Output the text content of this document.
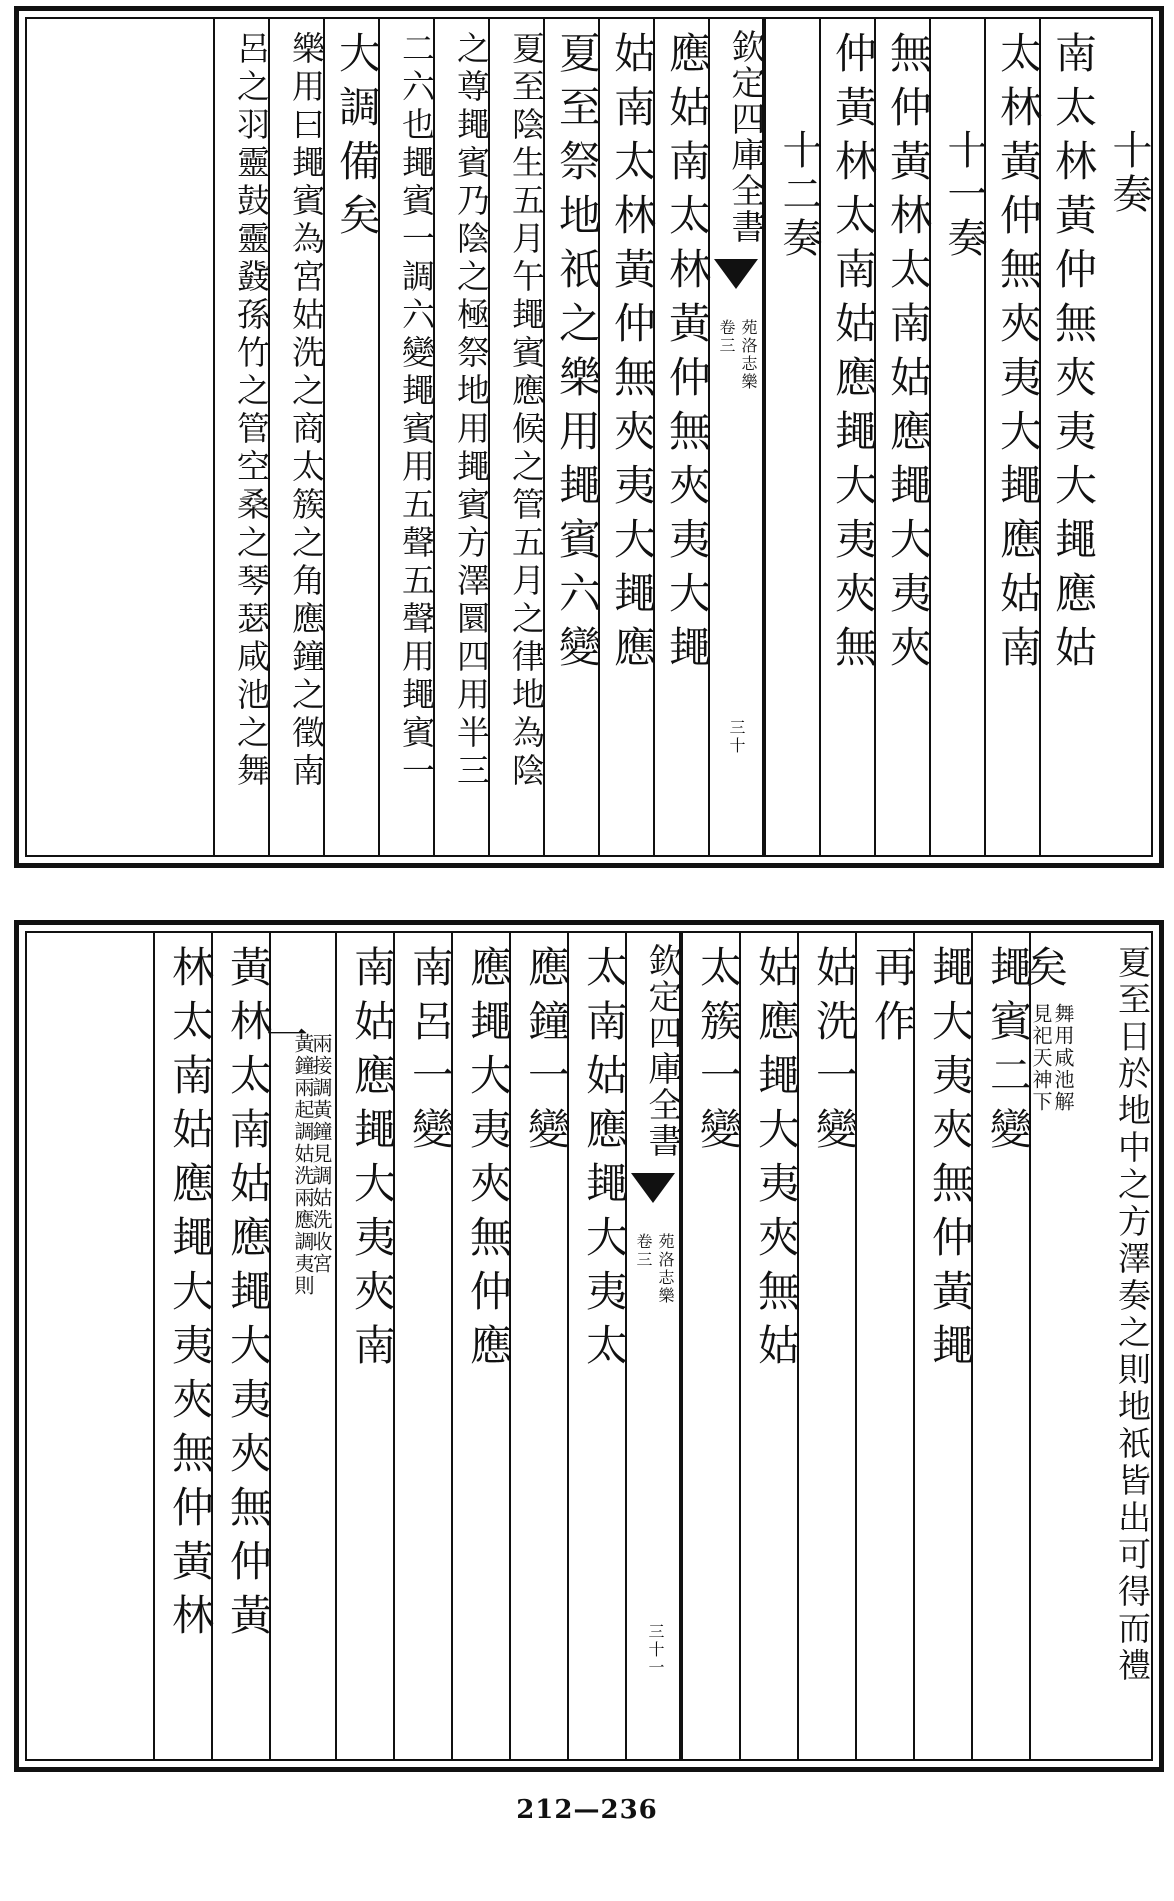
十奏
南太林黃仲無夾夷大䵷應姑
太林黃仲無夾夷大䵷應姑南
十一奏
無仲黃林太南姑應䵷大夷夾
仲黃林太南姑應䵷大夷夾無
十二奏
欽定四庫全書
苑洛志樂
卷三
三十
應姑南太林黃仲無夾夷大䵷
姑南太林黃仲無夾夷大䵷應
夏至祭地祇之樂用䵷賓六變
夏至陰生五月午䵷賓應候之管五月之律地為陰
之尊䵷賓乃陰之極祭地用䵷賓方澤圜四用半三
二六也䵷賓一調六變䵷賓用五聲五聲用䵷賓一
大調備矣
樂用曰䵷賓為宮姑洗之商太簇之角應鐘之徵南
呂之羽靈鼓靈鼗孫竹之管空桑之琴瑟咸池之舞
夏至日於地中之方澤奏之則地祇皆出可得而禮
矣
舞用咸池解
見祀天神下
䵷賓二變
䵷大夷夾無仲黃䵷
再作
姑洗一變
姑應䵷大夷夾無姑
太簇一變
欽定四庫全書
苑洛志樂
卷三
三十一
太南姑應䵷大夷太
應鐘一變
應䵷大夷夾無仲應
南呂一變
南姑應䵷大夷夾南
一
黃鐘兩起調姑洗兩應調夷則
兩接調黃鐘見調姑洗收宮
黃林太南姑應䵷大夷夾無仲黃
林太南姑應䵷大夷夾無仲黃林
212—236
